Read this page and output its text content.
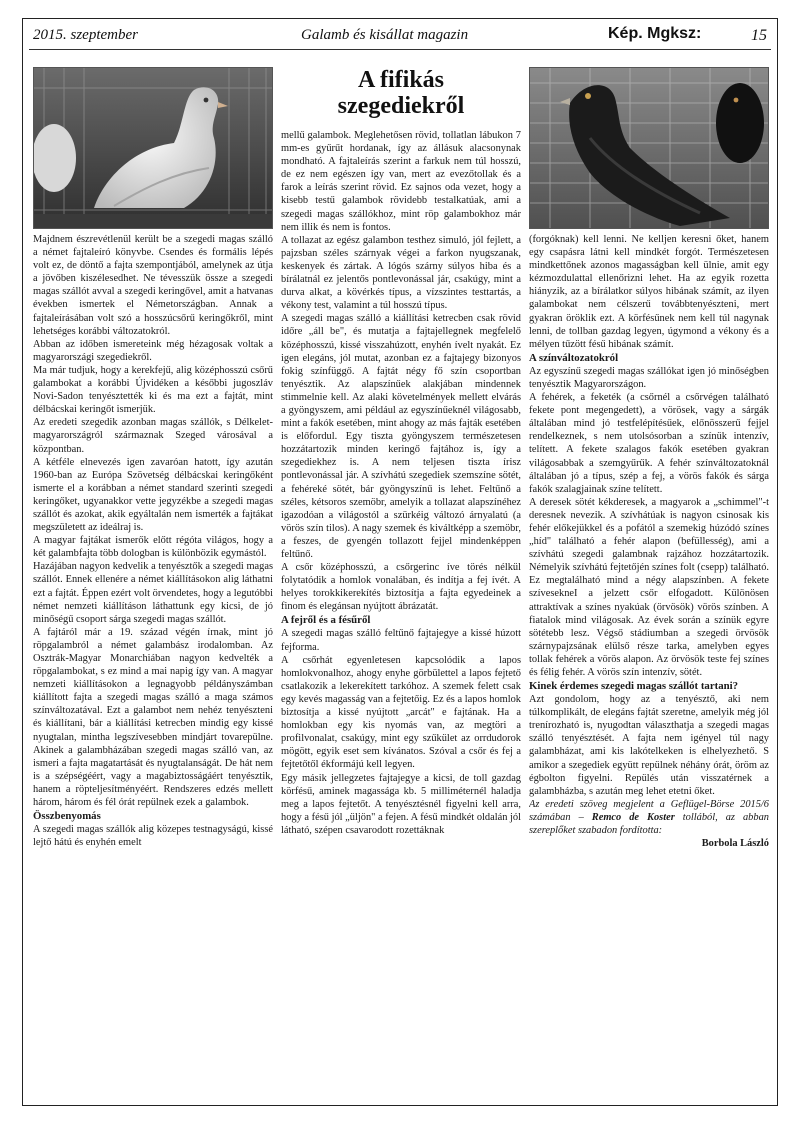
2015. szeptember	Galamb és kisállat magazin	Kép. Mgksz:	15

Majdnem észrevétlenül került be a szegedi magas szálló a német fajtaleíró könyvbe. Csendes és formális lépés volt ez, de döntő a fajta szempontjából, amelynek az útja a jövőben kiszélesedhet. Ne tévesszük össze a szegedi magas szállót avval a szegedi keringővel, amit a hatvanas években ismertek el Németországban. Annak a fajtaleírásában volt szó a hosszúcsőrű keringőkről, mint lehetséges korábbi változatokról.

Abban az időben ismereteink még hézagosak voltak a magyarországi szegediekről.

Ma már tudjuk, hogy a kerekfejű, alig középhosszú csőrű galambokat a korábbi Újvidéken a későbbi jugoszláv Novi-Sadon tenyésztették ki és ma ezt a fajtát, mint délbácskai keringőt ismerjük.

Az eredeti szegedik azonban magas szállók, s Délkelet-magyarországról származnak Szeged városával a központban.

A kétféle elnevezés igen zavaróan hatott, így azután 1960-ban az Európa Szövetség délbácskai keringőként ismerte el a korábban a német standard szerinti szegedi keringőket, ugyanakkor vette jegyzékbe a szegedi magas szállót és azokat, akik egyáltalán nem ismerték a fajtákat megszületett az ideálraj is.

A magyar fajtákat ismerők előtt régóta világos, hogy a két galambfajta több dologban is különbözik egymástól.

Hazájában nagyon kedvelik a tenyésztők a szegedi magas szállót. Ennek ellenére a német kiállításokon alig láthatni ezt a fajtát. Éppen ezért volt örvendetes, hogy a legutóbbi német nemzeti kiállításon láthattunk egy kicsi, de jó minőségű csoport sárga szegedi magas szállót.

A fajtáról már a 19. század végén írnak, mint jó röpgalambról a német galambász irodalomban. Az Osztrák-Magyar Monarchiában nagyon kedvelték a röpgalambokat, s ez mind a mai napig így van. A magyar nemzeti kiállításokon a legnagyobb példányszámban kiállított fajta a szegedi magas szálló a maga számos színváltozatával. Ezt a galambot nem nehéz tenyészteni és kiállítani, bár a kiállítási ketrecben mindig egy kissé nyugtalan, mintha legszívesebben mindjárt tovarepülne. Akinek a galambházában szegedi magas szálló van, az ismeri a fajta magatartását és nyugtalanságát. De hát nem is a szépségéért, vagy a magabiztosságáért tenyésztik, hanem a röpteljesítményéért. Rendszeres edzés mellett három, három és fél órát repülnek ezek a galambok.

Összbenyomás

A szegedi magas szállók alig közepes testnagyságú, kissé lejtő hátú és enyhén emelt

A fifikás
szegediekről

mellű galambok. Meglehetősen rövid, tollatlan lábukon 7 mm-es gyűrűt hordanak, így az állásuk alacsonynak mondható. A fajtaleírás szerint a farkuk nem túl hosszú, de ez nem egészen így van, mert az evezőtollak és a farok a leírás szerint rövid. Ez sajnos oda vezet, hogy a kisebb testű galambok rövidebb testalkatúak, ami a szegedi magas szállókhoz, mint röp galambokhoz már nem illik és nem is fontos.

A tollazat az egész galambon testhez simuló, jól fejlett, a pajzsban széles szárnyak végei a farkon nyugszanak, keskenyek és zártak. A lógós szárny súlyos hiba és a bírálatnál ez jelentős pontlevonással jár, csakúgy, mint a durva alkat, a kövérkés típus, a vízszintes testtartás, a vékony test, valamint a túl hosszú típus.

A szegedi magas szálló a kiállítási ketrecben csak rövid időre „áll be", és mutatja a fajtajellegnek megfelelő középhosszú, kissé visszahúzott, enyhén ívelt nyakát. Ez igen elegáns, jól mutat, azonban ez a fajtajegy bizonyos fokig színfüggő. A fajtát négy fő szín csoportban tenyésztik. Az alapszínűek alakjában mindennek stimmelnie kell. Az alaki követelmények mellett elvárás a gyöngyszem, ami például az egyszínűeknél világosabb, mint a fakók esetében, mint ahogy az más fajták esetében is előfordul. Egy tiszta gyöngyszem természetesen hozzátartozik minden keringő fajtához is, így a szegediekhez is. A nem teljesen tiszta írisz pontlevonással jár. A szívhátú szegediek szemszíne sötét, a fehéreké sötét, bár gyöngyszínű is lehet. Feltűnő a széles, kétsoros szemöbr, amelyik a tollazat alapszínéhez igazodóan a világostól a szürkéig változó árnyalatú (a vörös szín tilos). A nagy szemek és kiváltképp a szemöbr, a feszes, de gyengén tollazott fejjel mindenképpen feltűnő.

A csőr középhosszú, a csőrgerinc íve törés nélkül folytatódik a homlok vonalában, és indítja a fej ívét. A helyes torokkikerekítés biztosítja a fajta egyedeinek a finom és elegánsan nyújtott ábrázatát.

A fejről és a fésűről

A szegedi magas szálló feltűnő fajtajegye a kissé húzott fejforma.

A csőrhát egyenletesen kapcsolódik a lapos homlokvonalhoz, ahogy enyhe görbülettel a lapos fejtető csatlakozik a lekerekített tarkóhoz. A szemek felett csak egy kevés magasság van a fejtetőig. Ez és a lapos homlok biztosítja a kissé nyújtott „arcát" e fajtának. Ha a homlokban egy kis nyomás van, az megtöri a profilvonalat, csakúgy, mint egy szűkület az orrdudorok mögött, egyik eset sem kívánatos. Szóval a csőr és fej a fejtetőtől ékformájú kell legyen.

Egy másik jellegzetes fajtajegye a kicsi, de toll gazdag körfésű, aminek magassága kb. 5 milliméternél haladja meg a lapos fejtetőt. A tenyésztésnél figyelni kell arra, hogy a fésű jól „üljön" a fejen. A fésű mindkét oldalán jól látható, szépen csavarodott rozettáknak

(forgóknak) kell lenni. Ne kelljen keresni őket, hanem egy csapásra látni kell mindkét forgót. Természetesen mindkettőnek azonos magasságban kell ülnie, amit egy kézmozdulattal ellenőrizni lehet. Ha az egyik rozetta hiányzik, az a bírálatkor súlyos hibának számít, az ilyen galambokat nem célszerű továbbtenyészteni, mert gyakran öröklik ezt. A körfésűnek nem kell túl nagynak lenni, de tollban gazdag legyen, úgymond a vékony és a mélyen tűzött fésű hibának számít.

A színváltozatokról

Az egyszínű szegedi magas szállókat igen jó minőségben tenyésztik Magyarországon.

A fehérek, a feketék (a csőrnél a csőrvégen található fekete pont megengedett), a vörösek, vagy a sárgák általában mind jó testfelépítésűek, előnösszerű fejjel rendelkeznek, s nem utolsósorban a színük intenzív, telített. A fekete szalagos fakók esetében gyakran világosabbak a szemgyűrűk. A fehér színváltozatoknál általában jó a típus, szép a fej, a vörös fakók és sárga fakók szalagjainak színe telített.

A deresek sötét kékderesek, a magyarok a „schimmel"-t deresnek nevezik. A szívhátúak is nagyon csinosak kis fehér előkejükkel és a pofától a szemekig húzódó színes „híd" található a fehér alapon (befüllesség), ami a szívhátú szegedi galambnak rajzához hozzátartozik. Némelyik szívhátú fejtetőjén színes folt (csepp) található. Ez megtalálható mind a négy alapszínben. A fekete szívesekneI a jelzett csőr elfogadott. Különösen attraktívak a színes nyakúak (örvösök) vörös színben. A fiatalok mind világosak. Az évek során a színük egyre sötétebb lesz. Végső stádiumban a szegedi örvösök szárnypajzsának elülső része tarka, amelyben egyes tollak fehérek a vörös alapon. Az örvösök teste fej színes és félig fehér. A vörös szín intenzív, sötét.

Kinek érdemes szegedi magas szállót tartani?

Azt gondolom, hogy az a tenyésztő, aki nem túlkomplikált, de elegáns fajtát szeretne, amelyik még jól trenírozható is, nyugodtan választhatja a szegedi magas szálló tenyésztését. A fajta nem igényel túl nagy galambházat, ami kis lakótelkeken is elhelyezhető. S amikor a szegediek együtt repülnek néhány órát, öröm az égbolton figyelni. Repülés után visszatérnek a galambházba, s azután meg lehet etetni őket.

Az eredeti szöveg megjelent a Geflügel-Börse 2015/6 számában – Remco de Koster tollából, az abban szereplőket szabadon fordította:

Borbola László
